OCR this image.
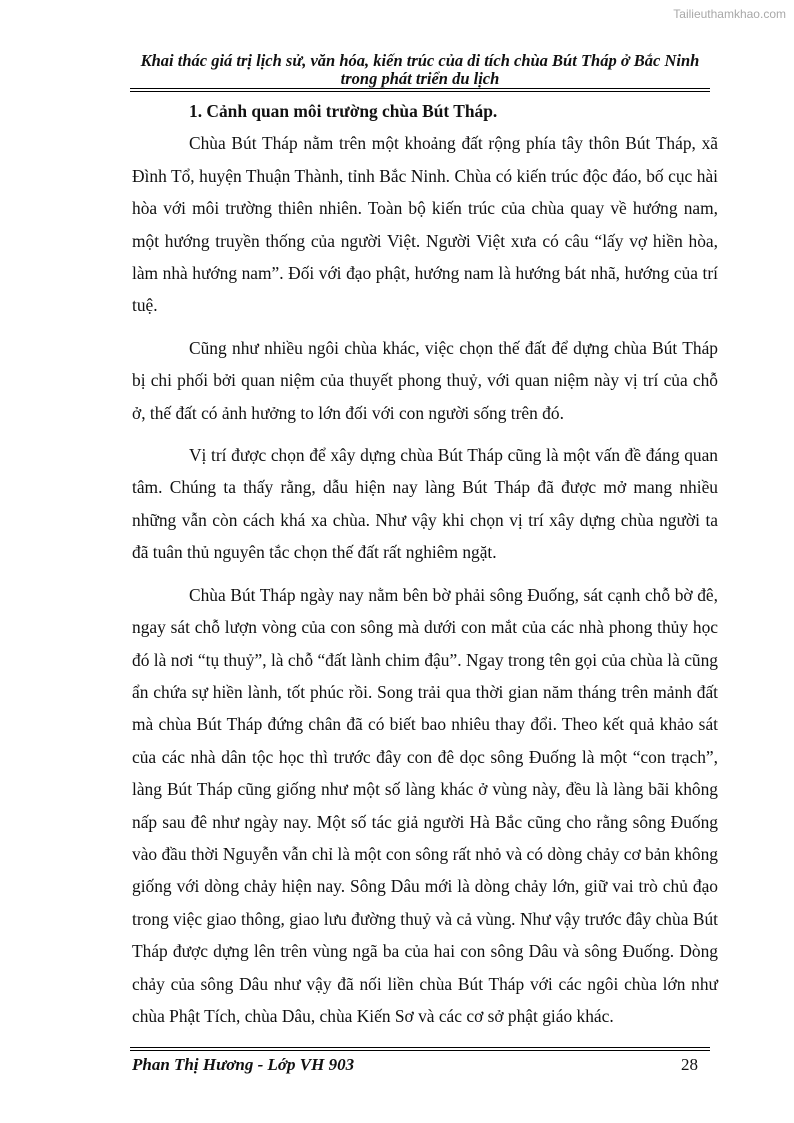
Tailieuthamkhao.com
Khai thác giá trị lịch sử, văn hóa, kiến trúc của di tích chùa Bút Tháp ở Bắc Ninh trong phát triển du lịch
1. Cảnh quan môi trường chùa Bút Tháp.

Chùa Bút Tháp nằm trên một khoảng đất rộng phía tây thôn Bút Tháp, xã Đình Tổ, huyện Thuận Thành, tỉnh Bắc Ninh. Chùa có kiến trúc độc đáo, bố cục hài hòa với môi trường thiên nhiên. Toàn bộ kiến trúc của chùa quay về hướng nam, một hướng truyền thống của người Việt. Người Việt xưa có câu “lấy vợ hiền hòa, làm nhà hướng nam”. Đối với đạo phật, hướng nam là hướng bát nhã, hướng của trí tuệ.

Cũng như nhiều ngôi chùa khác, việc chọn thế đất để dựng chùa Bút Tháp bị chi phối bởi quan niệm của thuyết phong thuỷ, với quan niệm này vị trí của chỗ ở, thế đất có ảnh hưởng to lớn đối với con người sống trên đó.

Vị trí được chọn để xây dựng chùa Bút Tháp cũng là một vấn đề đáng quan tâm. Chúng ta thấy rằng, dẫu hiện nay làng Bút Tháp đã được mở mang nhiều những vẫn còn cách khá xa chùa. Như vậy khi chọn vị trí xây dựng chùa người ta đã tuân thủ nguyên tắc chọn thế đất rất nghiêm ngặt.

Chùa Bút Tháp ngày nay nằm bên bờ phải sông Đuống, sát cạnh chỗ bờ đê, ngay sát chỗ lượn vòng của con sông mà dưới con mắt của các nhà phong thủy học đó là nơi “tụ thuỷ”, là chỗ “đất lành chim đậu”. Ngay trong tên gọi của chùa là cũng ẩn chứa sự hiền lành, tốt phúc rồi. Song trải qua thời gian năm tháng trên mảnh đất mà chùa Bút Tháp đứng chân đã có biết bao nhiêu thay đổi. Theo kết quả khảo sát của các nhà dân tộc học thì trước đây con đê dọc sông Đuống là một “con trạch”, làng Bút Tháp cũng giống như một số làng khác ở vùng này, đều là làng bãi không nấp sau đê như ngày nay. Một số tác giả người Hà Bắc cũng cho rằng sông Đuống vào đầu thời Nguyễn vẫn chỉ là một con sông rất nhỏ và có dòng chảy cơ bản không giống với dòng chảy hiện nay. Sông Dâu mới là dòng chảy lớn, giữ vai trò chủ đạo trong việc giao thông, giao lưu đường thuỷ và cả vùng. Như vậy trước đây chùa Bút Tháp được dựng lên trên vùng ngã ba của hai con sông Dâu và sông Đuống. Dòng chảy của sông Dâu như vậy đã nối liền chùa Bút Tháp với các ngôi chùa lớn như chùa Phật Tích, chùa Dâu, chùa Kiến Sơ và các cơ sở phật giáo khác.

Phan Thị Hương - Lớp VH 903	28
